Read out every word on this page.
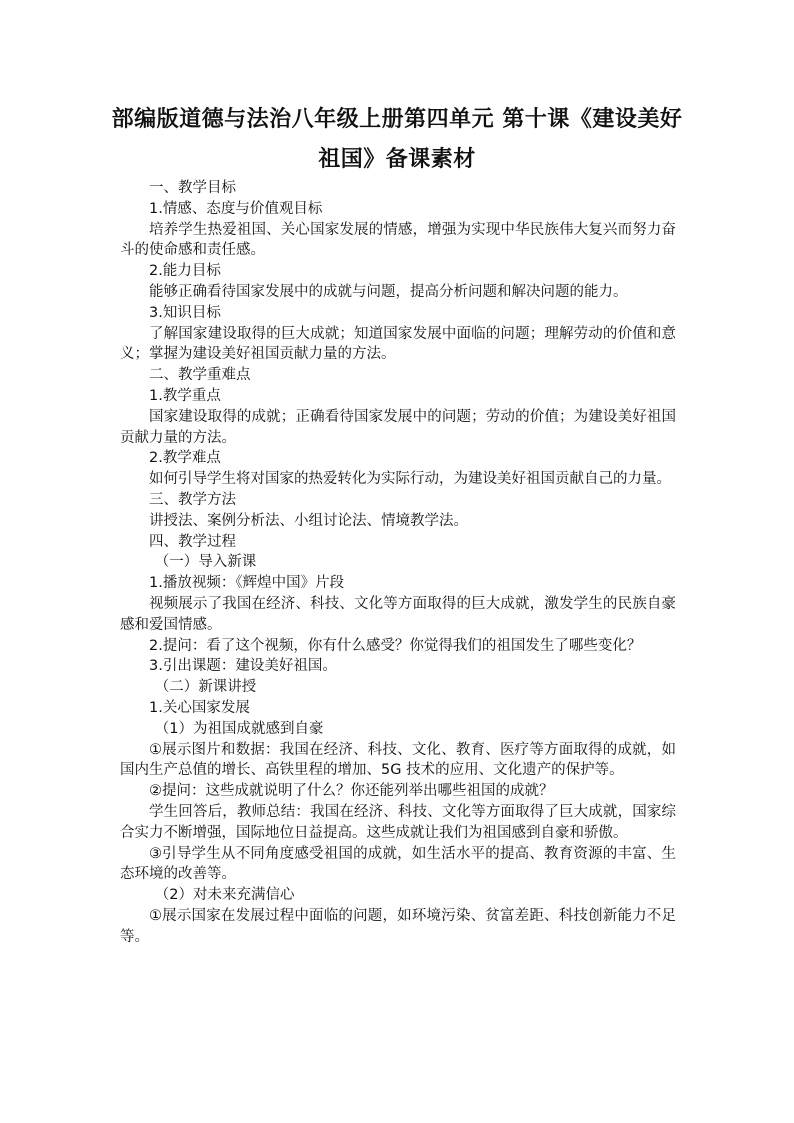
部编版道德与法治八年级上册第四单元 第十课《建设美好祖国》备课素材

一、教学目标

1.情感、态度与价值观目标

培养学生热爱祖国、关心国家发展的情感，增强为实现中华民族伟大复兴而努力奋斗的使命感和责任感。

2.能力目标

能够正确看待国家发展中的成就与问题，提高分析问题和解决问题的能力。

3.知识目标

了解国家建设取得的巨大成就；知道国家发展中面临的问题；理解劳动的价值和意义；掌握为建设美好祖国贡献力量的方法。

二、教学重难点

1.教学重点

国家建设取得的成就；正确看待国家发展中的问题；劳动的价值；为建设美好祖国贡献力量的方法。

2.教学难点

如何引导学生将对国家的热爱转化为实际行动，为建设美好祖国贡献自己的力量。

三、教学方法

讲授法、案例分析法、小组讨论法、情境教学法。

四、教学过程

（一）导入新课

1.播放视频：《辉煌中国》片段

视频展示了我国在经济、科技、文化等方面取得的巨大成就，激发学生的民族自豪感和爱国情感。

2.提问：看了这个视频，你有什么感受？你觉得我们的祖国发生了哪些变化？

3.引出课题：建设美好祖国。

（二）新课讲授

1.关心国家发展

（1）为祖国成就感到自豪

①展示图片和数据：我国在经济、科技、文化、教育、医疗等方面取得的成就，如国内生产总值的增长、高铁里程的增加、5G 技术的应用、文化遗产的保护等。

②提问：这些成就说明了什么？你还能列举出哪些祖国的成就？

学生回答后，教师总结：我国在经济、科技、文化等方面取得了巨大成就，国家综合实力不断增强，国际地位日益提高。这些成就让我们为祖国感到自豪和骄傲。

③引导学生从不同角度感受祖国的成就，如生活水平的提高、教育资源的丰富、生态环境的改善等。

（2）对未来充满信心

①展示国家在发展过程中面临的问题，如环境污染、贫富差距、科技创新能力不足等。
